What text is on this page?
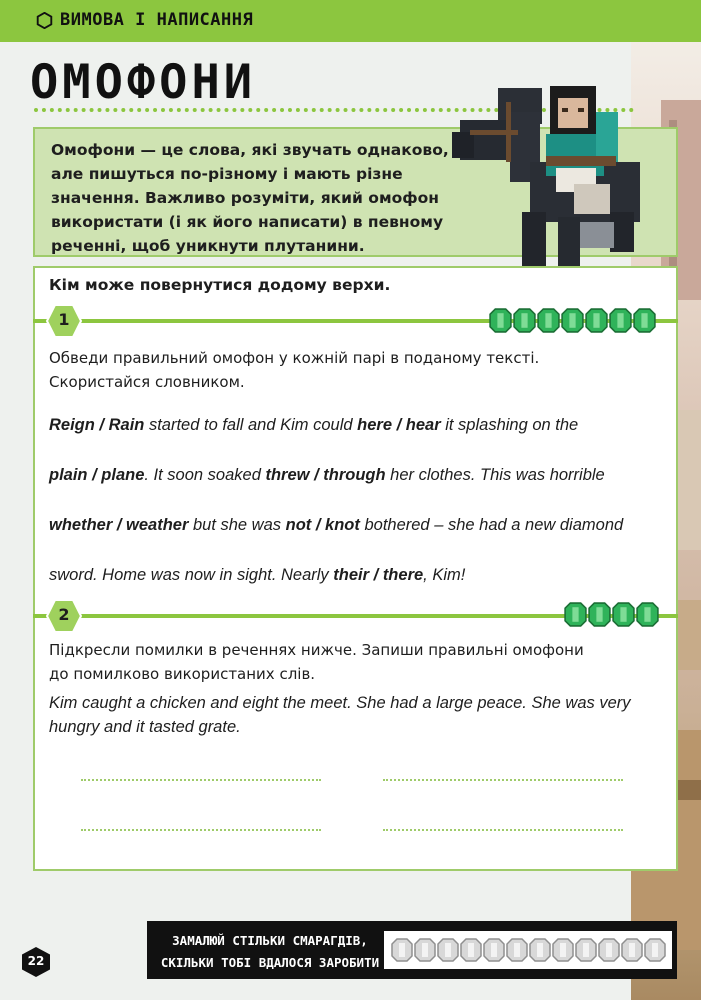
ВИМОВА І НАПИСАННЯ
ОМОФОНИ
Омофони — це слова, які звучать однаково, але пишуться по-різному і мають різне значення. Важливо розуміти, який омофон використати (і як його написати) в певному реченні, щоб уникнути плутанини.
Кім може повернутися додому верхи.
1
Обведи правильний омофон у кожній парі в поданому тексті.
Скористайся словником.
Reign / Rain started to fall and Kim could here / hear it splashing on the
plain / plane. It soon soaked threw / through her clothes. This was horrible
whether / weather but she was not / knot bothered – she had a new diamond
sword. Home was now in sight. Nearly their / there, Kim!
2
Підкресли помилки в реченнях нижче. Запиши правильні омофони
до помилково використаних слів.
Kim caught a chicken and eight the meet. She had a large peace. She was very
hungry and it tasted grate.
22
ЗАМАЛЮЙ СТІЛЬКИ СМАРАГДІВ,
СКІЛЬКИ ТОБІ ВДАЛОСЯ ЗАРОБИТИ
